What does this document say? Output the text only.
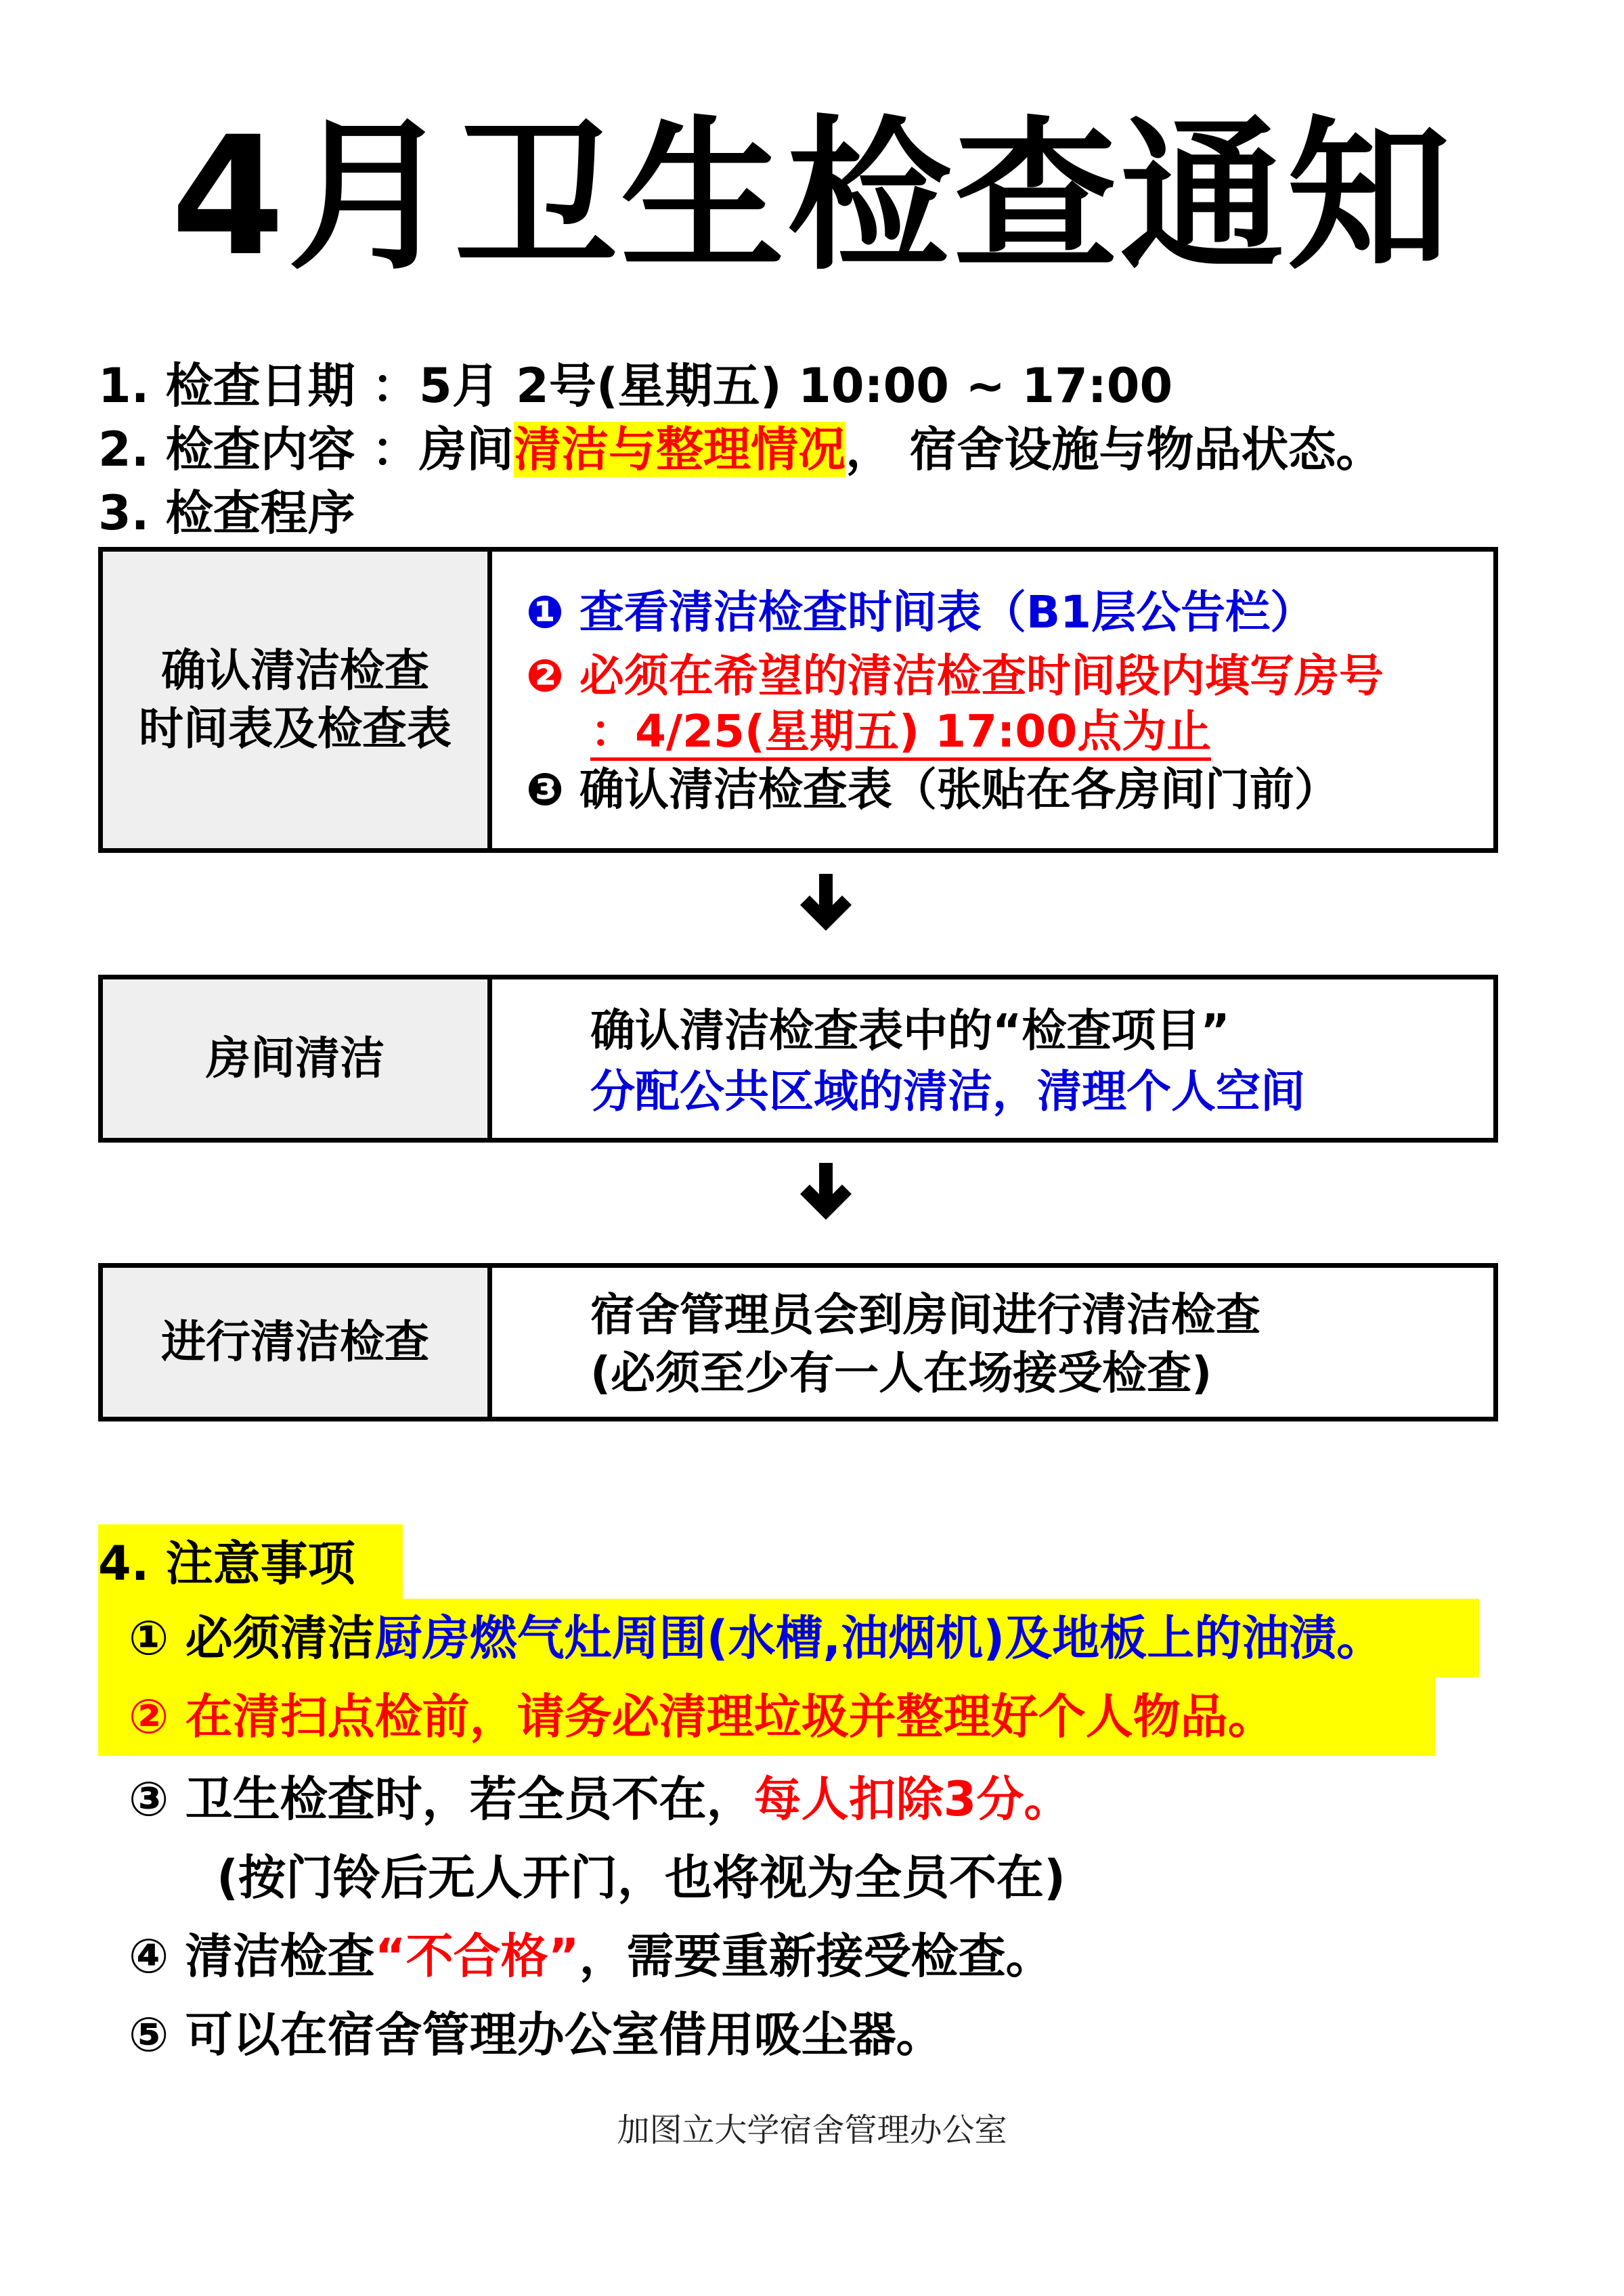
4月卫生检查通知
1. 检查日期 ：5月 2号(星期五) 10:00 ~ 17:00
2. 检查内容 ：房间清洁与整理情况， 宿舍设施与物品状态。
3. 检查程序
确认清洁检查
时间表及检查表
❶ 查看清洁检查时间表（B1层公告栏）
❷ 必须在希望的清洁检查时间段内填写房号
：4/25(星期五) 17:00点为止
❸ 确认清洁检查表（张贴在各房间门前）
房间清洁
确认清洁检查表中的“检查项目”
分配公共区域的清洁，清理个人空间
进行清洁检查
宿舍管理员会到房间进行清洁检查
(必须至少有一人在场接受检查)
4. 注意事项
① 必须清洁厨房燃气灶周围(水槽,油烟机)及地板上的油渍。
② 在清扫点检前，请务必清理垃圾并整理好个人物品。
③ 卫生检查时，若全员不在，每人扣除3分。
(按门铃后无人开门，也将视为全员不在)
④ 清洁检查“不合格”，需要重新接受检查。
⑤ 可以在宿舍管理办公室借用吸尘器。
加图立大学宿舍管理办公室
